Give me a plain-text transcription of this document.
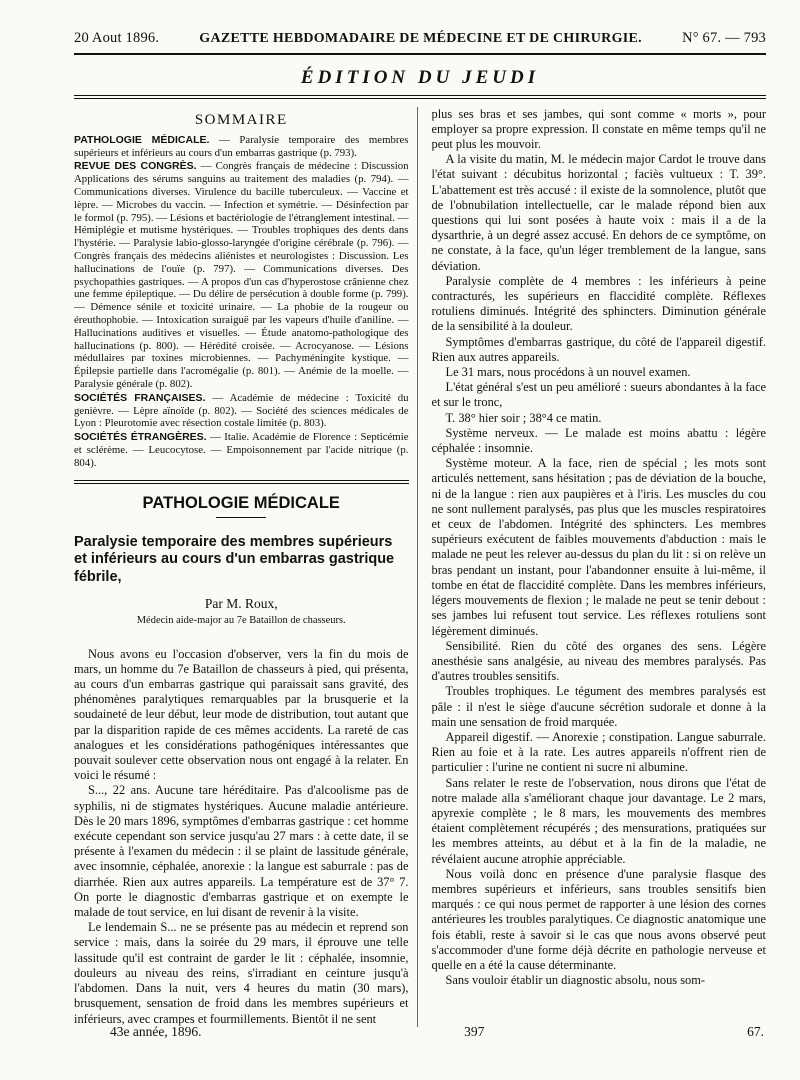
20 Aout 1896.	GAZETTE HEBDOMADAIRE DE MÉDECINE ET DE CHIRURGIE.	N° 67. — 793
ÉDITION DU JEUDI
SOMMAIRE

PATHOLOGIE MÉDICALE. — Paralysie temporaire des membres supérieurs et inférieurs au cours d'un embarras gastrique (p. 793).

REVUE DES CONGRÈS. — Congrès français de médecine : Discussion Applications des sérums sanguins au traitement des maladies (p. 794). — Communications diverses. Virulence du bacille tuberculeux. — Vaccine et lèpre. — Microbes du vaccin. — Infection et symétrie. — Désinfection par le formol (p. 795). — Lésions et bactériologie de l'étranglement intestinal. — Hémiplégie et mutisme hystériques. — Troubles trophiques des dents dans l'hystérie. — Paralysie labio-glosso-laryngée d'origine cérébrale (p. 796). — Congrès français des médecins aliénistes et neurologistes : Discussion. Les hallucinations de l'ouïe (p. 797). — Communications diverses. Des psychopathies gastriques. — A propos d'un cas d'hyperostose crânienne chez une femme épileptique. — Du délire de persécution à double forme (p. 799). — Démence sénile et toxicité urinaire. — La phobie de la rougeur ou éreuthophobie. — Intoxication suraiguë par les vapeurs d'huile d'aniline. — Hallucinations auditives et visuelles. — Étude anatomo-pathologique des hallucinations (p. 800). — Hérédité croisée. — Acrocyanose. — Lésions médullaires par toxines microbiennes. — Pachyméningite kystique. — Épilepsie partielle dans l'acromégalie (p. 801). — Anémie de la moelle. — Paralysie générale (p. 802).

SOCIÉTÉS FRANÇAISES. — Académie de médecine : Toxicité du genièvre. — Lèpre aïnoïde (p. 802). — Société des sciences médicales de Lyon : Pleurotomie avec résection costale limitée (p. 803).

SOCIÉTÉS ÉTRANGÈRES. — Italie. Académie de Florence : Septicémie et sclérème. — Leucocytose. — Empoisonnement par l'acide nitrique (p. 804).

PATHOLOGIE MÉDICALE
Paralysie temporaire des membres supérieurs et inférieurs au cours d'un embarras gastrique fébrile,
Par M. Roux,
Médecin aide-major au 7e Bataillon de chasseurs.

Nous avons eu l'occasion d'observer, vers la fin du mois de mars, un homme du 7e Bataillon de chasseurs à pied, qui présenta, au cours d'un embarras gastrique qui paraissait sans gravité, des phénomènes paralytiques remarquables par la brusquerie et la soudaineté de leur début, leur mode de distribution, tout autant que par la disparition rapide de ces mêmes accidents. La rareté de cas analogues et les considérations pathogéniques intéressantes que pouvait soulever cette observation nous ont engagé à la relater. En voici le résumé :

S..., 22 ans. Aucune tare héréditaire. Pas d'alcoolisme pas de syphilis, ni de stigmates hystériques. Aucune maladie antérieure. Dès le 20 mars 1896, symptômes d'embarras gastrique : cet homme exécute cependant son service jusqu'au 27 mars : à cette date, il se présente à l'examen du médecin : il se plaint de lassitude générale, avec insomnie, céphalée, anorexie : la langue est saburrale : pas de diarrhée. Rien aux autres appareils. La température est de 37° 7. On porte le diagnostic d'embarras gastrique et on exempte le malade de tout service, en lui disant de revenir à la visite.

Le lendemain S... ne se présente pas au médecin et reprend son service : mais, dans la soirée du 29 mars, il éprouve une telle lassitude qu'il est contraint de garder le lit : céphalée, insomnie, douleurs au niveau des reins, s'irradiant en ceinture jusqu'à l'abdomen. Dans la nuit, vers 4 heures du matin (30 mars), brusquement, sensation de froid dans les membres supérieurs et inférieurs, avec crampes et fourmillements. Bientôt il ne sent

plus ses bras et ses jambes, qui sont comme « morts », pour employer sa propre expression. Il constate en même temps qu'il ne peut plus les mouvoir.

A la visite du matin, M. le médecin major Cardot le trouve dans l'état suivant : décubitus horizontal ; faciès vultueux : T. 39°. L'abattement est très accusé : il existe de la somnolence, plutôt que de l'obnubilation intellectuelle, car le malade répond bien aux questions qui lui sont posées à haute voix : mais il a de la dysarthrie, à un degré assez accusé. En dehors de ce symptôme, on ne constate, à la face, qu'un léger tremblement de la langue, sans déviation.

Paralysie complète de 4 membres : les inférieurs à peine contracturés, les supérieurs en flaccidité complète. Réflexes rotuliens diminués. Intégrité des sphincters. Diminution générale de la sensibilité à la douleur.

Symptômes d'embarras gastrique, du côté de l'appareil digestif. Rien aux autres appareils.

Le 31 mars, nous procédons à un nouvel examen.

L'état général s'est un peu amélioré : sueurs abondantes à la face et sur le tronc,

T. 38° hier soir ; 38°4 ce matin.

Système nerveux. — Le malade est moins abattu : légère céphalée : insomnie.

Système moteur. A la face, rien de spécial ; les mots sont articulés nettement, sans hésitation ; pas de déviation de la bouche, ni de la langue : rien aux paupières et à l'iris. Les muscles du cou ne sont nullement paralysés, pas plus que les muscles respiratoires et ceux de l'abdomen. Intégrité des sphincters. Les membres supérieurs exécutent de faibles mouvements d'abduction : mais le malade ne peut les relever au-dessus du plan du lit : si on relève un bras pendant un instant, pour l'abandonner ensuite à lui-même, il tombe en état de flaccidité complète. Dans les membres inférieurs, légers mouvements de flexion ; le malade ne peut se tenir debout : ses jambes lui refusent tout service. Les réflexes rotuliens sont légèrement diminués.

Sensibilité. Rien du côté des organes des sens. Légère anesthésie sans analgésie, au niveau des membres paralysés. Pas d'autres troubles sensitifs.

Troubles trophiques. Le tégument des membres paralysés est pâle : il n'est le siège d'aucune sécrétion sudorale et donne à la main une sensation de froid marquée.

Appareil digestif. — Anorexie ; constipation. Langue saburrale. Rien au foie et à la rate. Les autres appareils n'offrent rien de particulier : l'urine ne contient ni sucre ni albumine.

Sans relater le reste de l'observation, nous dirons que l'état de notre malade alla s'améliorant chaque jour davantage. Le 2 mars, apyrexie complète ; le 8 mars, les mouvements des membres étaient complètement récupérés ; des mensurations, pratiquées sur les membres atteints, au début et à la fin de la maladie, ne révélaient aucune atrophie appréciable.

Nous voilà donc en présence d'une paralysie flasque des membres supérieurs et inférieurs, sans troubles sensitifs bien marqués : ce qui nous permet de rapporter à une lésion des cornes antérieures les troubles paralytiques. Ce diagnostic anatomique une fois établi, reste à savoir si le cas que nous avons observé peut s'accommoder d'une forme déjà décrite en pathologie nerveuse et quelle en a été la cause déterminante.

Sans vouloir établir un diagnostic absolu, nous som-

43e année, 1896.	397	67.
